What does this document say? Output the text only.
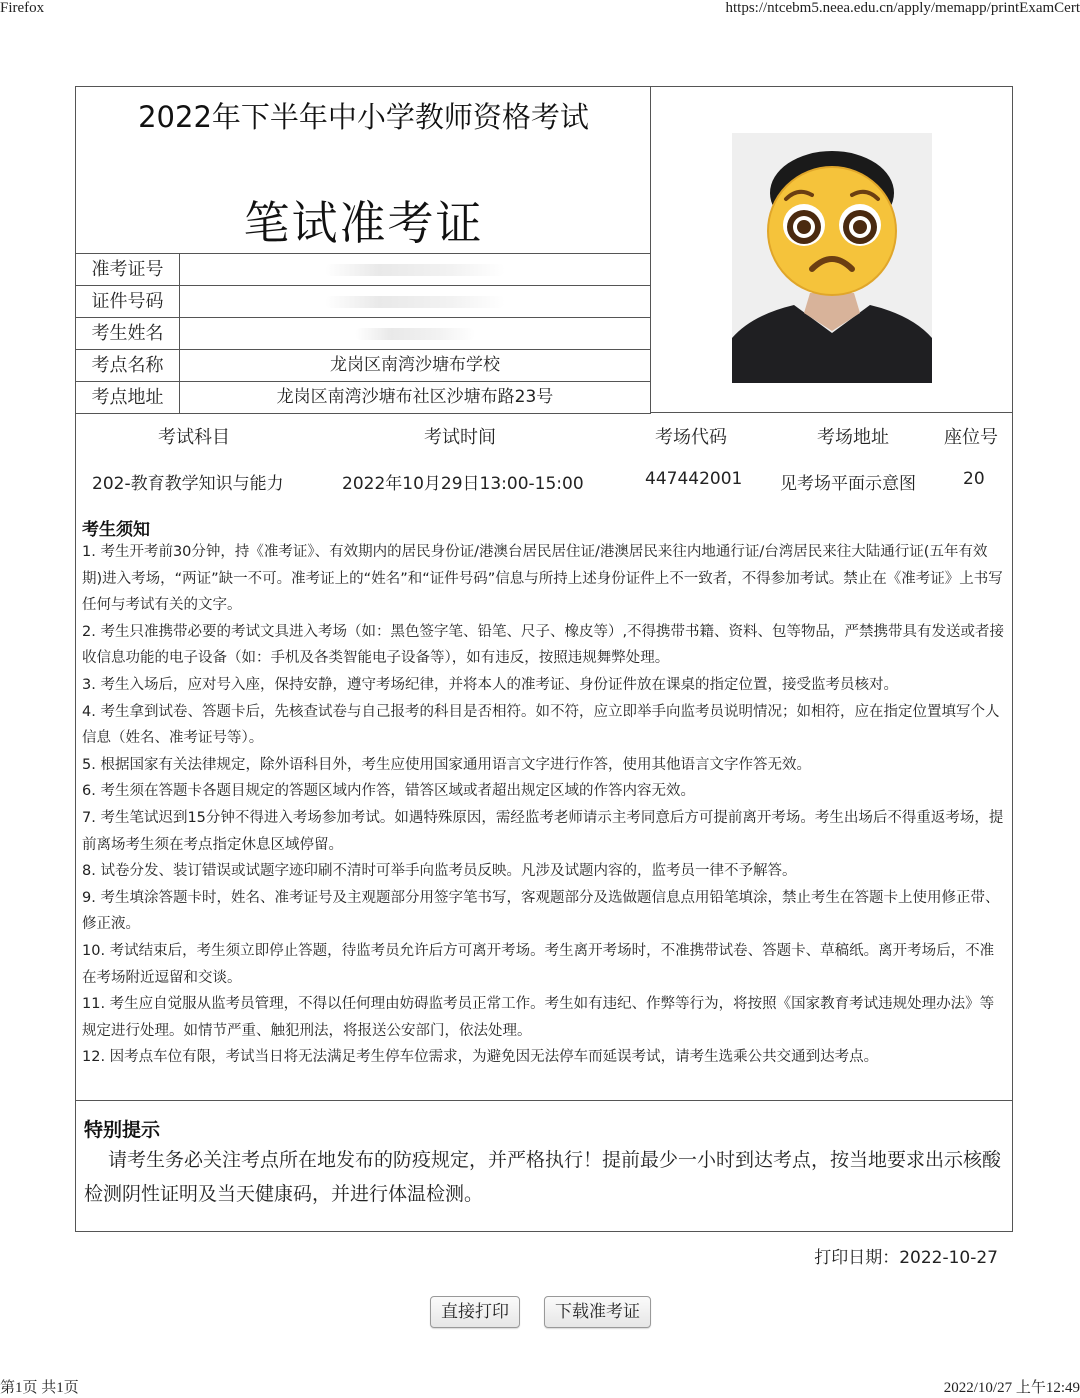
Firefox	https://ntcebm5.neea.edu.cn/apply/memapp/printExamCert
2022年下半年中小学教师资格考试
笔试准考证
准考证号
证件号码
考生姓名
考点名称	龙岗区南湾沙塘布学校
考点地址	龙岗区南湾沙塘布社区沙塘布路23号
考试科目	考试时间	考场代码	考场地址	座位号
202-教育教学知识与能力	2022年10月29日13:00-15:00	447442001 见考场平面示意图	20
考生须知
1. 考生开考前30分钟，持《准考证》、有效期内的居民身份证/港澳台居民居住证/港澳居民来往内地通行证/台湾居民来往大陆通行证(五年有效期)进入考场，“两证”缺一不可。准考证上的“姓名”和“证件号码”信息与所持上述身份证件上不一致者，不得参加考试。禁止在《准考证》上书写任何与考试有关的文字。
2. 考生只准携带必要的考试文具进入考场（如：黑色签字笔、铅笔、尺子、橡皮等）,不得携带书籍、资料、包等物品，严禁携带具有发送或者接收信息功能的电子设备（如：手机及各类智能电子设备等），如有违反，按照违规舞弊处理。
3. 考生入场后，应对号入座，保持安静，遵守考场纪律，并将本人的准考证、身份证件放在课桌的指定位置，接受监考员核对。
4. 考生拿到试卷、答题卡后，先核查试卷与自己报考的科目是否相符。如不符，应立即举手向监考员说明情况；如相符，应在指定位置填写个人信息（姓名、准考证号等）。
5. 根据国家有关法律规定，除外语科目外，考生应使用国家通用语言文字进行作答，使用其他语言文字作答无效。
6. 考生须在答题卡各题目规定的答题区域内作答，错答区域或者超出规定区域的作答内容无效。
7. 考生笔试迟到15分钟不得进入考场参加考试。如遇特殊原因，需经监考老师请示主考同意后方可提前离开考场。考生出场后不得重返考场，提前离场考生须在考点指定休息区域停留。
8. 试卷分发、装订错误或试题字迹印刷不清时可举手向监考员反映。凡涉及试题内容的，监考员一律不予解答。
9. 考生填涂答题卡时，姓名、准考证号及主观题部分用签字笔书写，客观题部分及选做题信息点用铅笔填涂，禁止考生在答题卡上使用修正带、修正液。
10. 考试结束后，考生须立即停止答题，待监考员允许后方可离开考场。考生离开考场时，不准携带试卷、答题卡、草稿纸。离开考场后，不准在考场附近逗留和交谈。
11. 考生应自觉服从监考员管理，不得以任何理由妨碍监考员正常工作。考生如有违纪、作弊等行为，将按照《国家教育考试违规处理办法》等规定进行处理。如情节严重、触犯刑法，将报送公安部门，依法处理。
12. 因考点车位有限，考试当日将无法满足考生停车位需求，为避免因无法停车而延误考试，请考生选乘公共交通到达考点。
特别提示
请考生务必关注考点所在地发布的防疫规定，并严格执行！提前最少一小时到达考点，按当地要求出示核酸检测阴性证明及当天健康码，并进行体温检测。
打印日期：2022-10-27
直接打印	下载准考证
第1页 共1页	2022/10/27 上午12:49
